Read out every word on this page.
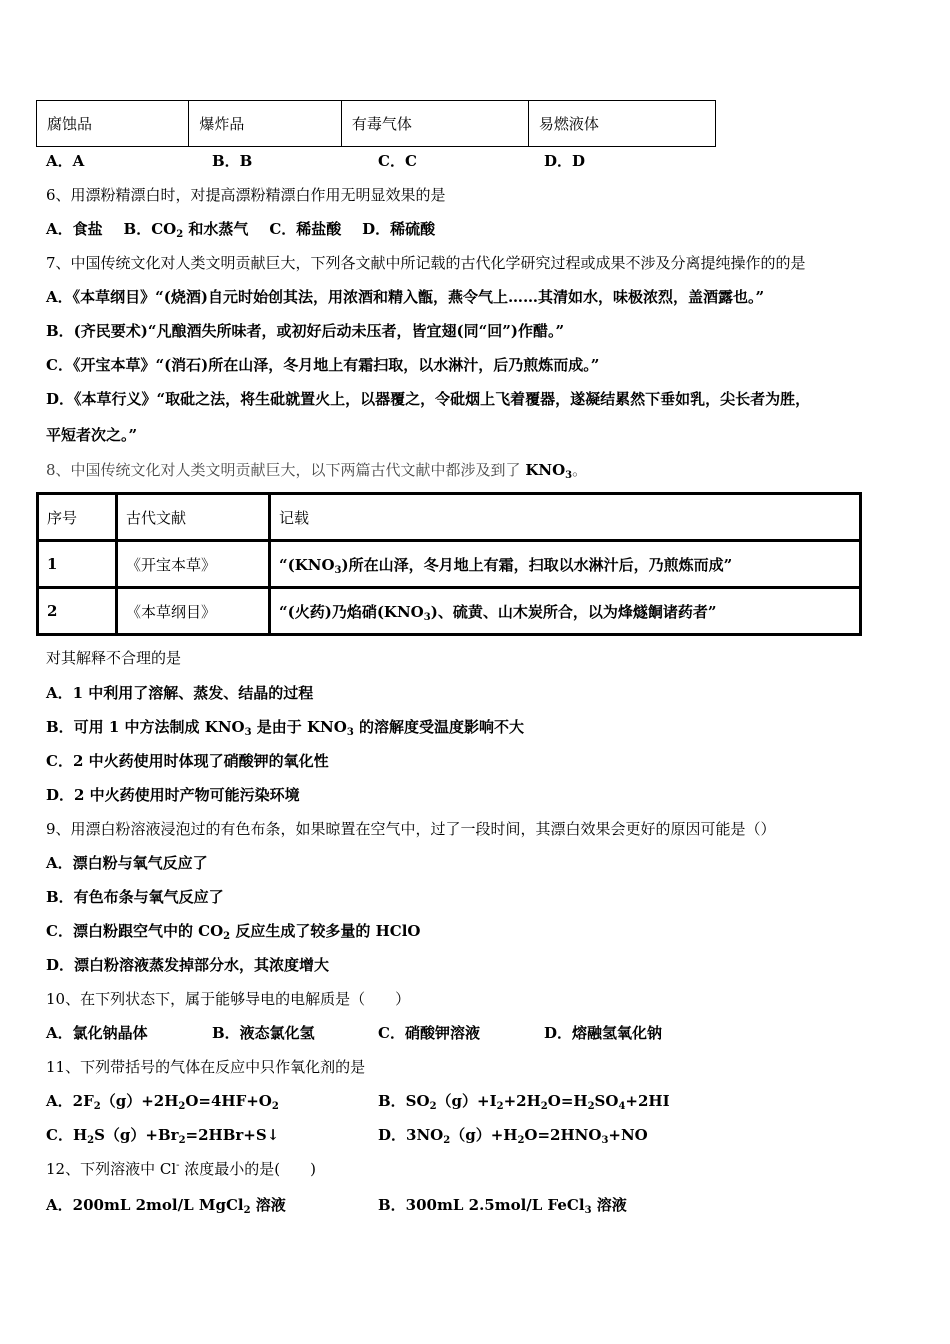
腐蚀品	爆炸品	有毒气体	易燃液体
A．A	B．B	C．C	D．D
6、用漂粉精漂白时，对提高漂粉精漂白作用无明显效果的是
A．食盐 B．$CO_2$ 和水蒸气 C．稀盐酸 D．稀硫酸
7、中国传统文化对人类文明贡献巨大，下列各文献中所记载的古代化学研究过程或成果不涉及分离提纯操作的的是
A．《本草纲目》“(烧酒)自元时始创其法，用浓酒和精入甑，燕令气上……其清如水，味极浓烈，盖酒露也。”
B．(齐民要术)“凡酿酒失所味者，或初好后动未压者，皆宜翅(同“回”)作醋。”
C．《开宝本草》“(消石)所在山泽，冬月地上有霜扫取，以水淋汁，后乃煎炼而成。”
D．《本草行义》“取砒之法，将生砒就置火上，以器覆之，令砒烟上飞着覆器，遂凝结累然下垂如乳，尖长者为胜，
平短者次之。”
8、中国传统文化对人类文明贡献巨大，以下两篇古代文献中都涉及到了 $KNO_3$。
序号	古代文献	记载
1	《开宝本草》	“$(KNO_3)$所在山泽，冬月地上有霜，扫取以水淋汁后，乃煎炼而成”
2	《本草纲目》	“(火药)乃焰硝$(KNO_3)$、硫黄、山木炭所合，以为烽燧餇诸药者”
对其解释不合理的是
A．1 中利用了溶解、蒸发、结晶的过程
B．可用 1 中方法制成 $KNO_3$ 是由于 $KNO_3$ 的溶解度受温度影响不大
C．2 中火药使用时体现了硝酸钾的氧化性
D．2 中火药使用时产物可能污染环境
9、用漂白粉溶液浸泡过的有色布条，如果晾置在空气中，过了一段时间，其漂白效果会更好的原因可能是（）
A．漂白粉与氧气反应了
B．有色布条与氧气反应了
C．漂白粉跟空气中的 $CO_2$ 反应生成了较多量的 HClO
D．漂白粉溶液蒸发掉部分水，其浓度增大
10、在下列状态下，属于能够导电的电解质是（　　）
A．氯化钠晶体	B．液态氯化氢	C．硝酸钾溶液	D．熔融氢氧化钠
11、下列带括号的气体在反应中只作氧化剂的是
A．$2F_2(g)+2H_2O=4HF+O_2$	B．$SO_2(g)+I_2+2H_2O=H_2SO_4+2HI$
C．$H_2S(g)+Br_2=2HBr+S↓$	D．$3NO_2(g)+H_2O=2HNO_3+NO$
12、下列溶液中 Cl- 浓度最小的是(　　)
A．200mL 2mol/L MgCl$_2$ 溶液	B．300mL 2.5mol/L FeCl$_3$ 溶液
